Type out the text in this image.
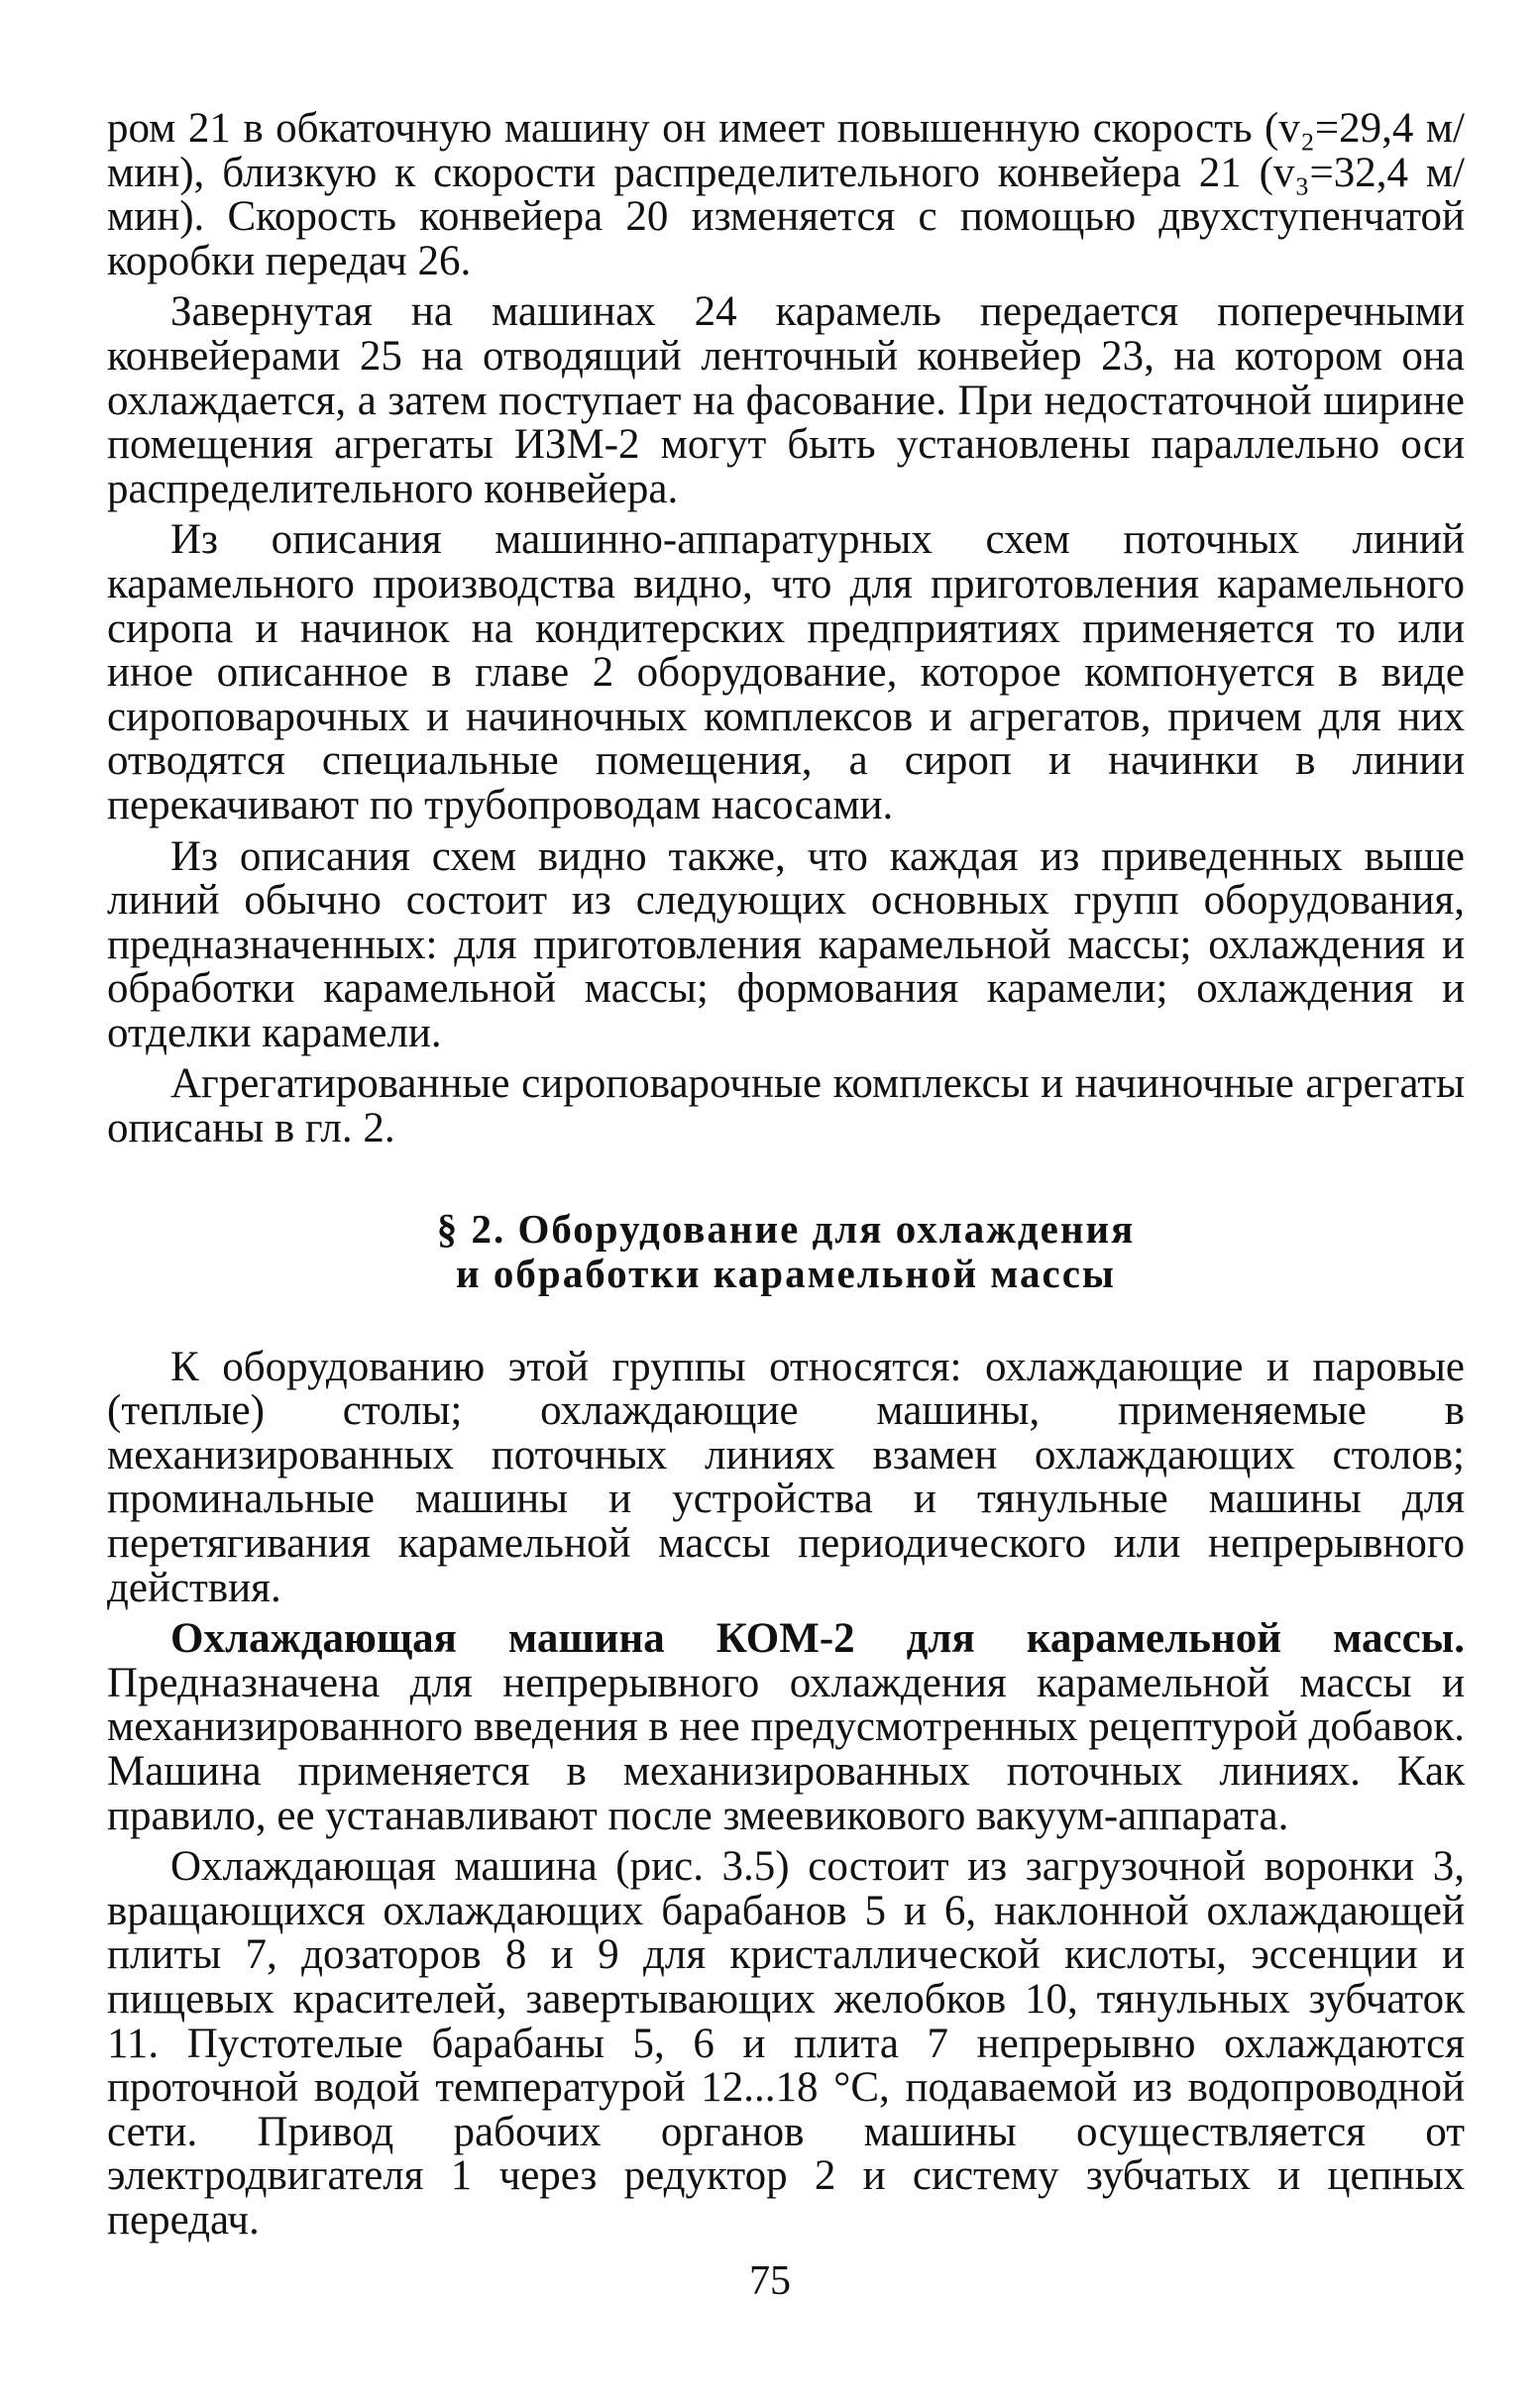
ром 21 в обкаточную машину он имеет повышенную скорость (v₂=29,4 м/мин), близкую к скорости распределительного конвейера 21 (v₃=32,4 м/мин). Скорость конвейера 20 изменяется с помощью двухступенчатой коробки передач 26.

Завернутая на машинах 24 карамель передается поперечными конвейерами 25 на отводящий ленточный конвейер 23, на котором она охлаждается, а затем поступает на фасование. При недостаточной ширине помещения агрегаты ИЗМ-2 могут быть установлены параллельно оси распределительного конвейера.

Из описания машинно-аппаратурных схем поточных линий карамельного производства видно, что для приготовления карамельного сиропа и начинок на кондитерских предприятиях применяется то или иное описанное в главе 2 оборудование, которое компонуется в виде сироповарочных и начиночных комплексов и агрегатов, причем для них отводятся специальные помещения, а сироп и начинки в линии перекачивают по трубопроводам насосами.

Из описания схем видно также, что каждая из приведенных выше линий обычно состоит из следующих основных групп оборудования, предназначенных: для приготовления карамельной массы; охлаждения и обработки карамельной массы; формования карамели; охлаждения и отделки карамели.

Агрегатированные сироповарочные комплексы и начиночные агрегаты описаны в гл. 2.

§ 2. Оборудование для охлаждения
и обработки карамельной массы

К оборудованию этой группы относятся: охлаждающие и паровые (теплые) столы; охлаждающие машины, применяемые в механизированных поточных линиях взамен охлаждающих столов; проминальные машины и устройства и тянульные машины для перетягивания карамельной массы периодического или непрерывного действия.

Охлаждающая машина КОМ-2 для карамельной массы. Предназначена для непрерывного охлаждения карамельной массы и механизированного введения в нее предусмотренных рецептурой добавок. Машина применяется в механизированных поточных линиях. Как правило, ее устанавливают после змеевикового вакуум-аппарата.

Охлаждающая машина (рис. 3.5) состоит из загрузочной воронки 3, вращающихся охлаждающих барабанов 5 и 6, наклонной охлаждающей плиты 7, дозаторов 8 и 9 для кристаллической кислоты, эссенции и пищевых красителей, завертывающих желобков 10, тянульных зубчаток 11. Пустотелые барабаны 5, 6 и плита 7 непрерывно охлаждаются проточной водой температурой 12...18 °С, подаваемой из водопроводной сети. Привод рабочих органов машины осуществляется от электродвигателя 1 через редуктор 2 и систему зубчатых и цепных передач.

75
